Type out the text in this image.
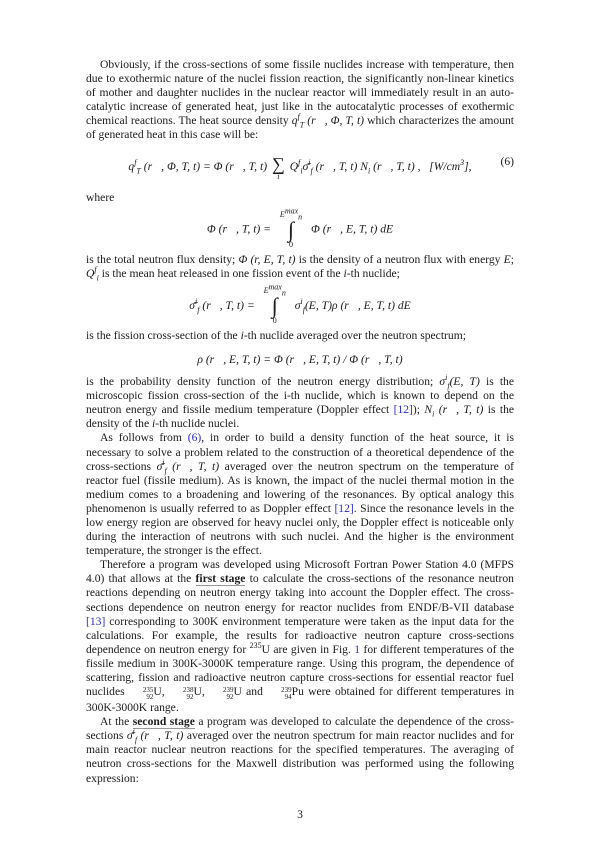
Obviously, if the cross-sections of some fissile nuclides increase with temperature, then due to exothermic nature of the nuclei fission reaction, the significantly non-linear kinetics of mother and daughter nuclides in the nuclear reactor will immediately result in an auto-catalytic increase of generated heat, just like in the autocatalytic processes of exothermic chemical reactions. The heat source density $q^f_T$ (r⃗, Φ, T, t) which characterizes the amount of generated heat in this case will be:

$q^f_T$ (r⃗, Φ, T, t) = Φ (r⃗, T, t) ∑
i
$Q^f_i\sigmā^i_f$ (r⃗, T, t) $N_i$ (r⃗, T, t) , $[W/cm^3]$, (6)

where

Φ (r⃗, T, t) =
$E^{max}_n$
∫
0
Φ (r⃗, E, T, t) dE

is the total neutron flux density; Φ (r, E, T, t) is the density of a neutron flux with energy E; $Q^f_i$ is the mean heat released in one fission event of the i-th nuclide;

σ̄$^i_f$ (r⃗, T, t) =
$E^{max}_n$
∫
0
$\sigma^i_f(E$, T)ρ (r⃗, E, T, t) dE

is the fission cross-section of the i-th nuclide averaged over the neutron spectrum;

ρ (r⃗, E, T, t) = Φ (r⃗, E, T, t) / Φ (r⃗, T, t)

is the probability density function of the neutron energy distribution; $\sigma^i_f(E$, T) is the microscopic fission cross-section of the i-th nuclide, which is known to depend on the neutron energy and fissile medium temperature (Doppler effect [12]); $N_i$ (r⃗, T, t) is the density of the i-th nuclide nuclei.

As follows from (6), in order to build a density function of the heat source, it is necessary to solve a problem related to the construction of a theoretical dependence of the cross-sections σ̄$^i_f$ (r⃗, T, t) averaged over the neutron spectrum on the temperature of reactor fuel (fissile medium). As is known, the impact of the nuclei thermal motion in the medium comes to a broadening and lowering of the resonances. By optical analogy this phenomenon is usually referred to as Doppler effect [12]. Since the resonance levels in the low energy region are observed for heavy nuclei only, the Doppler effect is noticeable only during the interaction of neutrons with such nuclei. And the higher is the environment temperature, the stronger is the effect.

Therefore a program was developed using Microsoft Fortran Power Station 4.0 (MFPS 4.0) that allows at the first stage to calculate the cross-sections of the resonance neutron reactions depending on neutron energy taking into account the Doppler effect. The cross-sections dependence on neutron energy for reactor nuclides from ENDF/B-VII database [13] corresponding to 300K environment temperature were taken as the input data for the calculations. For example, the results for radioactive neutron capture cross-sections dependence on neutron energy for $^{235}$U are given in Fig. 1 for different temperatures of the fissile medium in 300K-3000K temperature range. Using this program, the dependence of scattering, fission and radioactive neutron capture cross-sections for essential reactor fuel nuclides	235
92U,	238
92U,	239
92U and	239
94Pu were obtained for different temperatures in 300K-3000K range.

At the second stage a program was developed to calculate the dependence of the cross-sections σ̄$^i_f$ (r⃗, T, t) averaged over the neutron spectrum for main reactor nuclides and for main reactor nuclear neutron reactions for the specified temperatures. The averaging of neutron cross-sections for the Maxwell distribution was performed using the following expression:

3
